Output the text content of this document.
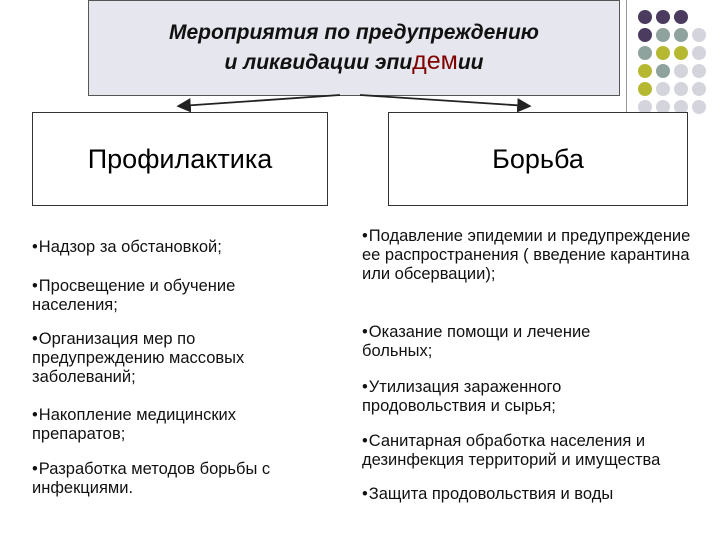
Мероприятия по предупреждению
и ликвидации эпидемии
Профилактика	Борьба
•Надзор за обстановкой;
•Просвещение и обучение населения;
•Организация мер по предупреждению массовых заболеваний;
•Накопление медицинских препаратов;
•Разработка методов борьбы с инфекциями.
•Подавление эпидемии и предупреждение ее распространения ( введение карантина или обсервации);
•Оказание помощи и лечение больных;
•Утилизация зараженного продовольствия и сырья;
•Санитарная обработка населения и дезинфекция территорий и имущества
•Защита продовольствия и воды
